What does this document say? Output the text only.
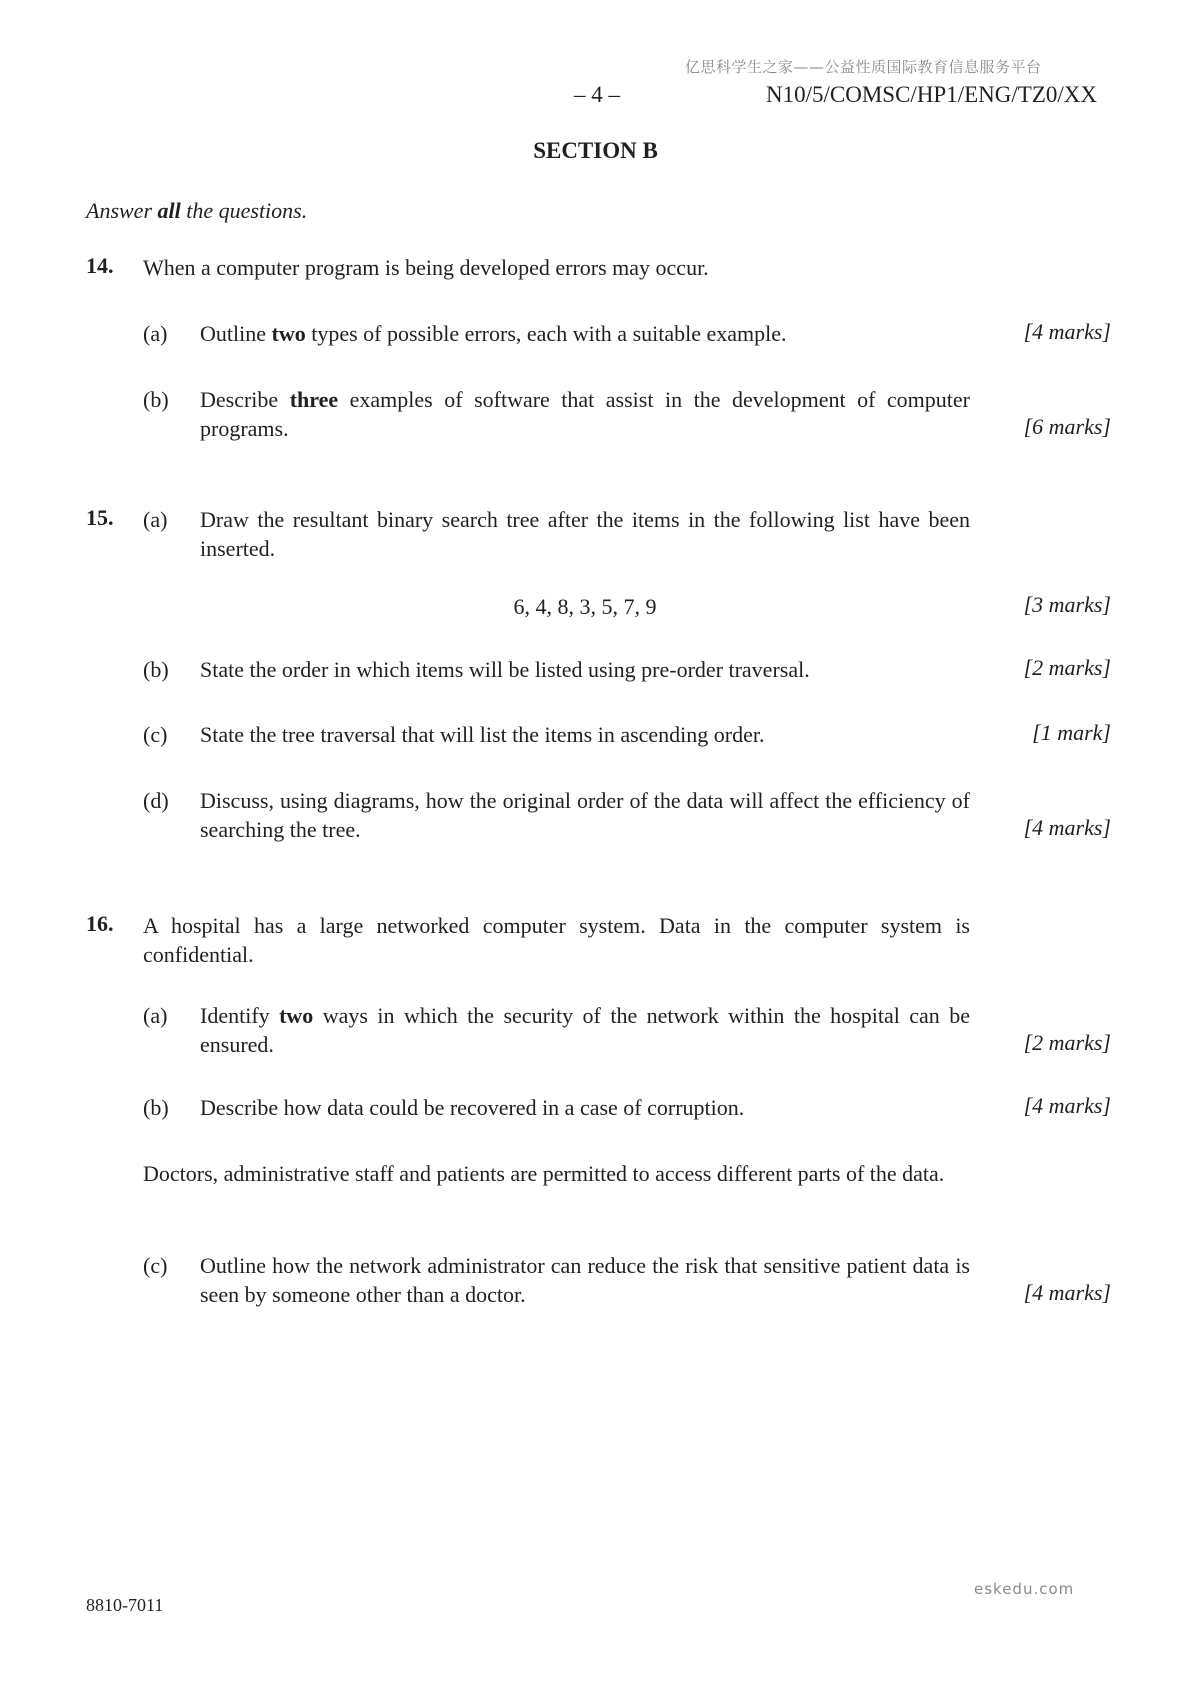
亿思科学生之家——公益性质国际教育信息服务平台
– 4 –	N10/5/COMSC/HP1/ENG/TZ0/XX
SECTION B
Answer all the questions.
14. When a computer program is being developed errors may occur.
(a) Outline two types of possible errors, each with a suitable example.	[4 marks]
(b) Describe three examples of software that assist in the development of computer programs.	[6 marks]
15. (a) Draw the resultant binary search tree after the items in the following list have been inserted.
6, 4, 8, 3, 5, 7, 9	[3 marks]
(b) State the order in which items will be listed using pre-order traversal.	[2 marks]
(c) State the tree traversal that will list the items in ascending order.	[1 mark]
(d) Discuss, using diagrams, how the original order of the data will affect the efficiency of searching the tree.	[4 marks]
16. A hospital has a large networked computer system. Data in the computer system is confidential.
(a) Identify two ways in which the security of the network within the hospital can be ensured.	[2 marks]
(b) Describe how data could be recovered in a case of corruption.	[4 marks]
Doctors, administrative staff and patients are permitted to access different parts of the data.
(c) Outline how the network administrator can reduce the risk that sensitive patient data is seen by someone other than a doctor.	[4 marks]
eskedu.com
8810-7011
